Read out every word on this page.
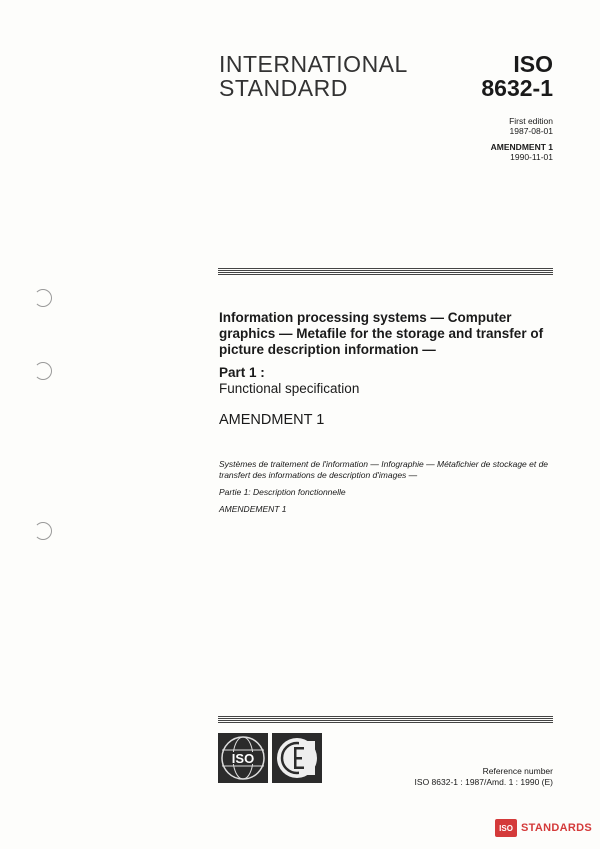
INTERNATIONAL
STANDARD
ISO
8632-1
First edition
1987-08-01
AMENDMENT 1
1990-11-01
Information processing systems — Computer graphics — Metafile for the storage and transfer of picture description information —
Part 1 :
Functional specification
AMENDMENT 1

Systèmes de traitement de l'information — Infographie — Métafichier de stockage et de transfert des informations de description d'images —

Partie 1: Description fonctionnelle

AMENDEMENT 1

ISO
Reference number
ISO 8632-1 : 1987/Amd. 1 : 1990 (E)
ISO STANDARDS
